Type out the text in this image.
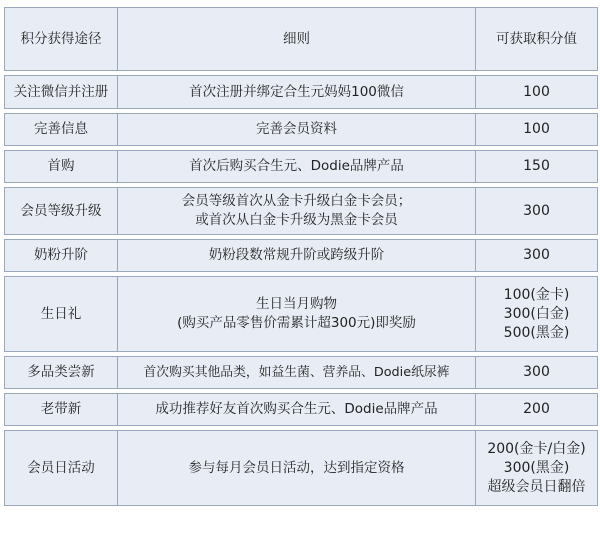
积分获得途径	细则	可获取积分值
关注微信并注册	首次注册并绑定合生元妈妈100微信	100

完善信息	完善会员资料	100

首购	首次后购买合生元、Dodie品牌产品	150

会员等级升级	会员等级首次从金卡升级白金卡会员；
或首次从白金卡升级为黑金卡会员	300

奶粉升阶	奶粉段数常规升阶或跨级升阶	300

生日礼	生日当月购物
(购买产品零售价需累计超300元)即奖励	100(金卡)
300(白金)
500(黑金)

多品类尝新	首次购买其他品类，如益生菌、营养品、Dodie纸尿裤	300

老带新	成功推荐好友首次购买合生元、Dodie品牌产品	200

会员日活动	参与每月会员日活动，达到指定资格	200(金卡/白金)
300(黑金)
超级会员日翻倍
